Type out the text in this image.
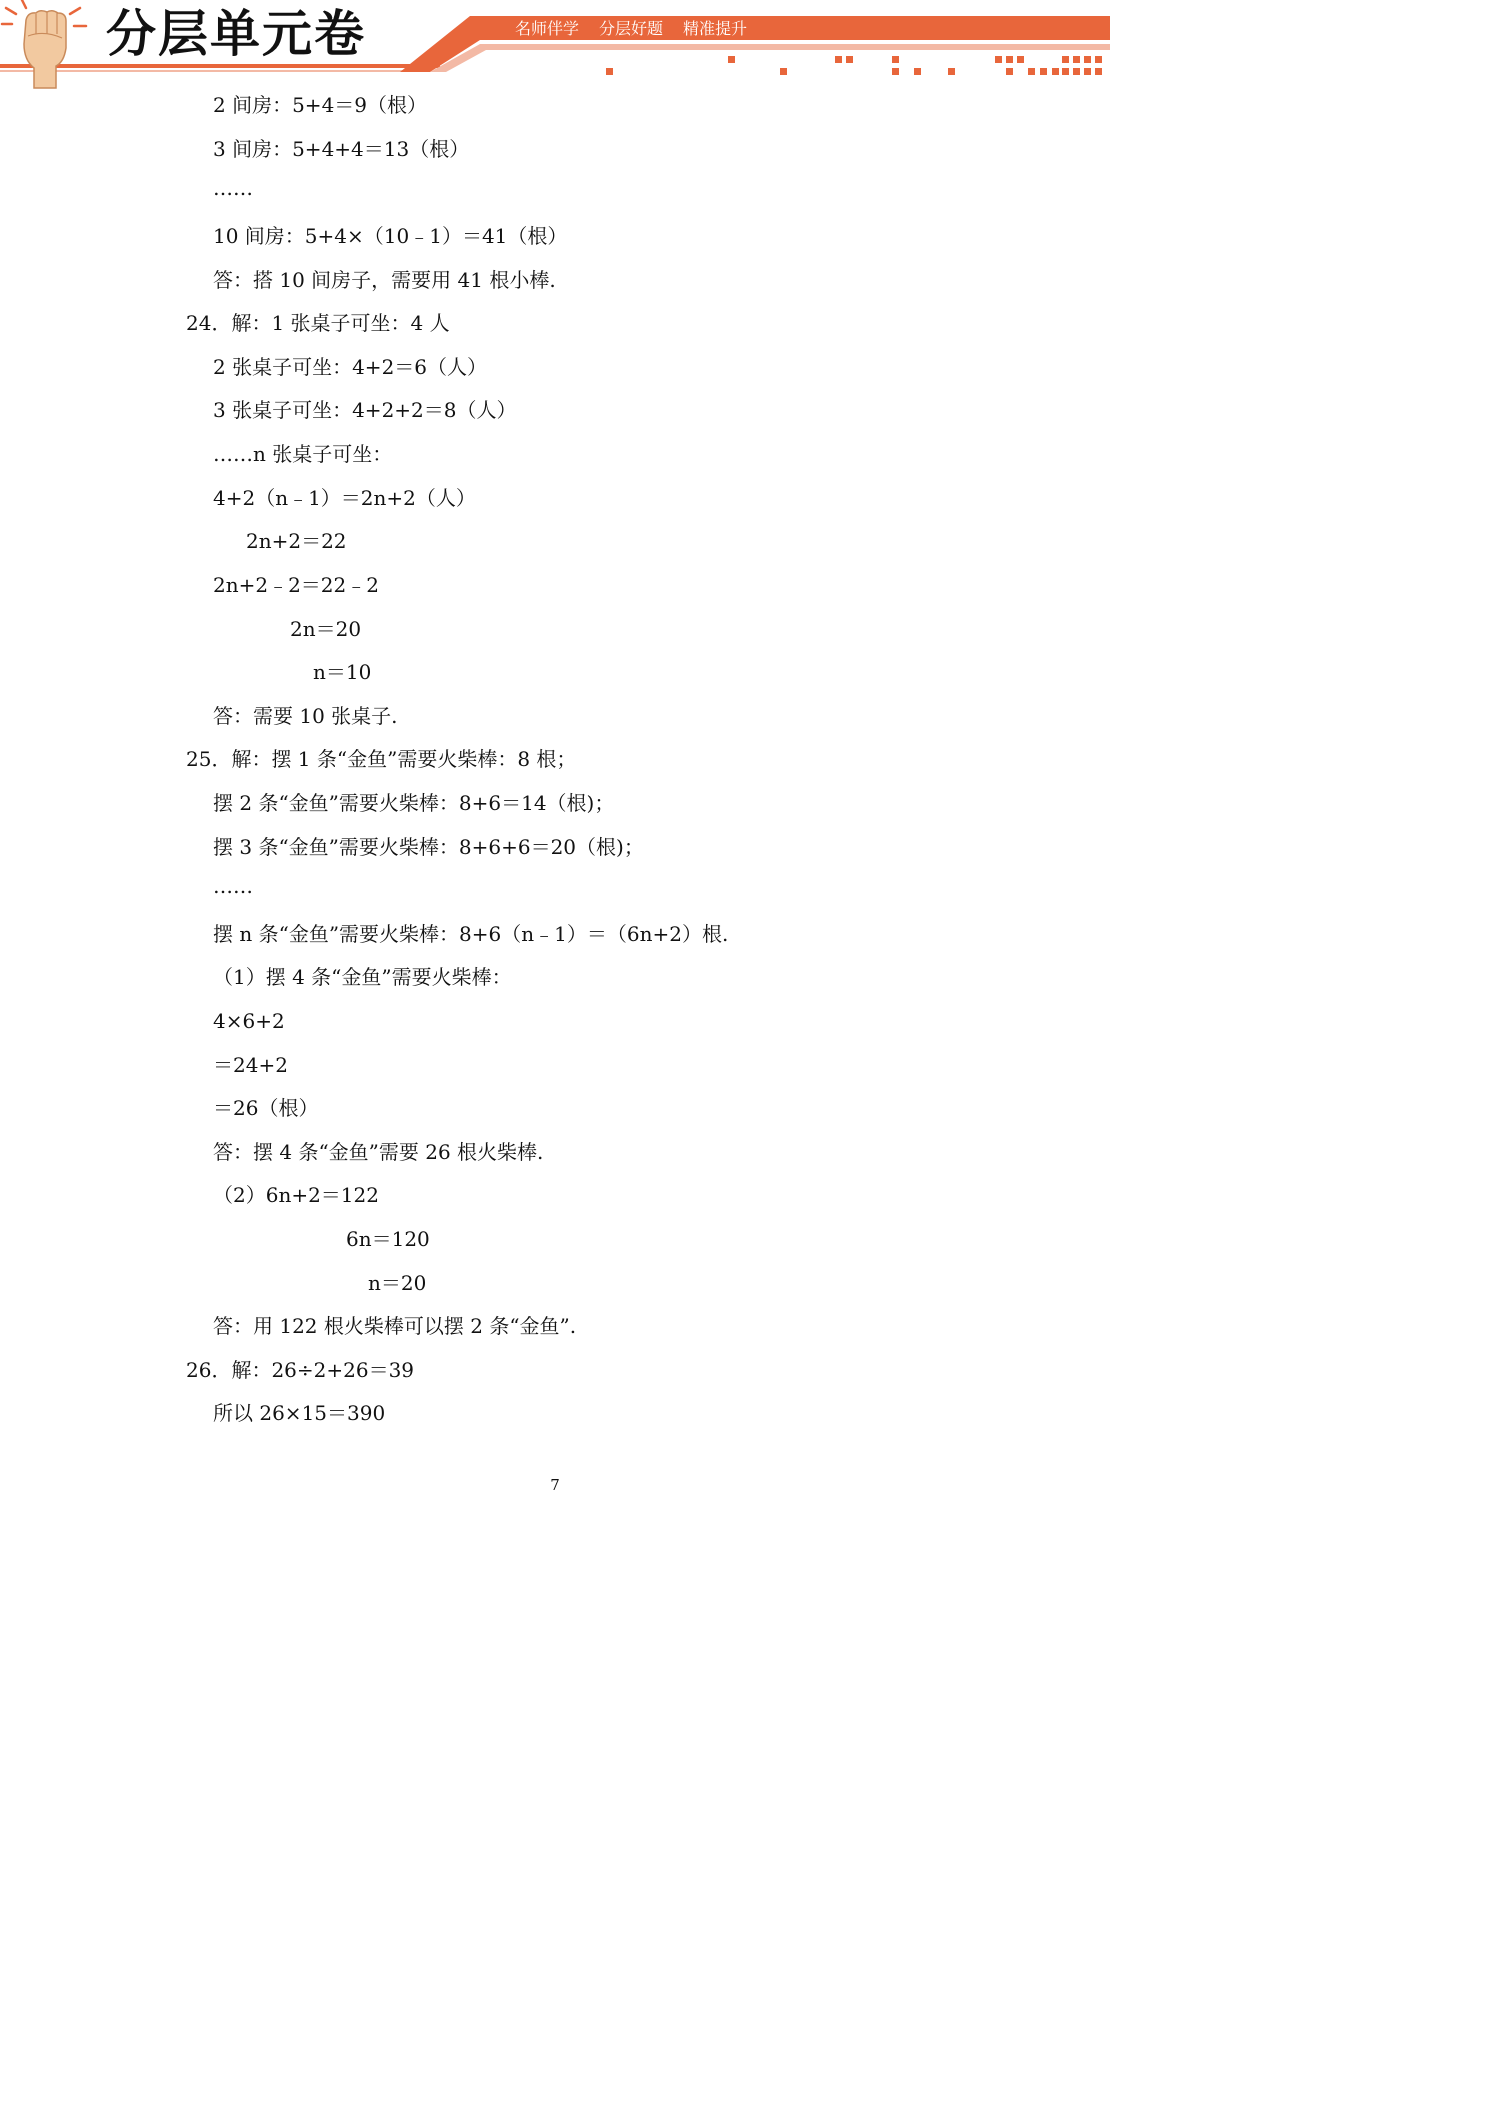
分层单元卷	名师伴学 分层好题 精准提升
2 间房：5+4＝9（根）
3 间房：5+4+4＝13（根）
……
10 间房：5+4×（10﹣1）＝41（根）
答：搭 10 间房子，需要用 41 根小棒.
24．解：1 张桌子可坐：4 人
2 张桌子可坐：4+2＝6（人）
3 张桌子可坐：4+2+2＝8（人）
……n 张桌子可坐：
4+2（n﹣1）＝2n+2（人）
2n+2＝22
2n+2﹣2＝22﹣2
2n＝20
n＝10
答：需要 10 张桌子.
25．解：摆 1 条“金鱼”需要火柴棒：8 根；
摆 2 条“金鱼”需要火柴棒：8+6＝14（根)；
摆 3 条“金鱼”需要火柴棒：8+6+6＝20（根)；
……
摆 n 条“金鱼”需要火柴棒：8+6（n﹣1）＝（6n+2）根.
（1）摆 4 条“金鱼”需要火柴棒：
4×6+2
＝24+2
＝26（根）
答：摆 4 条“金鱼”需要 26 根火柴棒.
（2）6n+2＝122
6n＝120
n＝20
答：用 122 根火柴棒可以摆 2 条“金鱼”.
26．解：26÷2+26＝39
所以 26×15＝390
7
